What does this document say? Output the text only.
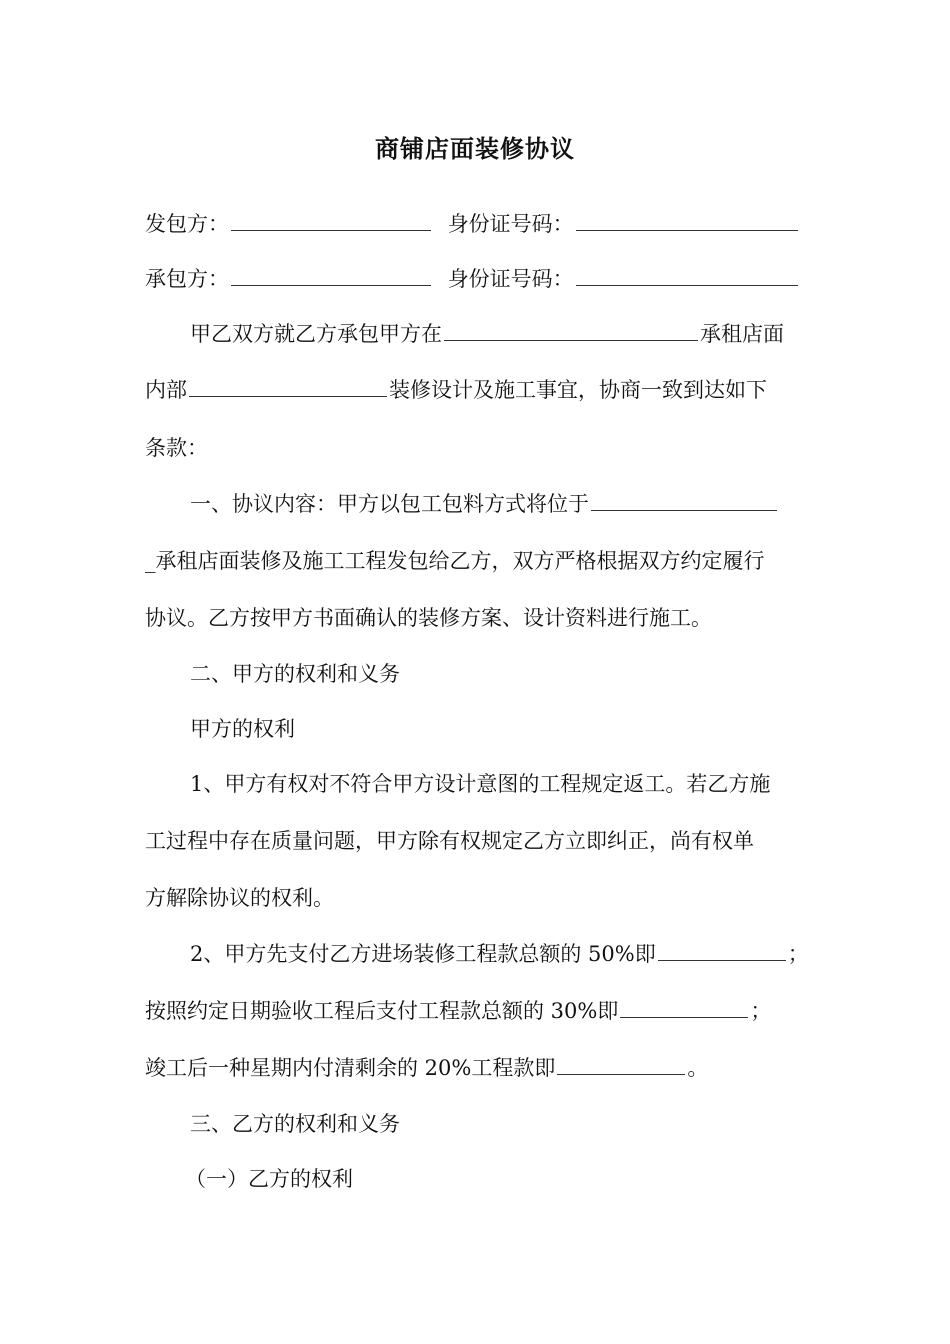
商铺店面装修协议
发包方：	身份证号码：
承包方：	身份证号码：
甲乙双方就乙方承包甲方在	承租店面
内部	装修设计及施工事宜，协商一致到达如下
条款：
一、协议内容：甲方以包工包料方式将位于
_承租店面装修及施工工程发包给乙方，双方严格根据双方约定履行
协议。乙方按甲方书面确认的装修方案、设计资料进行施工。
二、甲方的权利和义务
甲方的权利
1、甲方有权对不符合甲方设计意图的工程规定返工。若乙方施
工过程中存在质量问题，甲方除有权规定乙方立即纠正，尚有权单
方解除协议的权利。
2、甲方先支付乙方进场装修工程款总额的 50%即	；
按照约定日期验收工程后支付工程款总额的 30%即	；
竣工后一种星期内付清剩余的 20%工程款即	。
三、乙方的权利和义务
（一）乙方的权利
